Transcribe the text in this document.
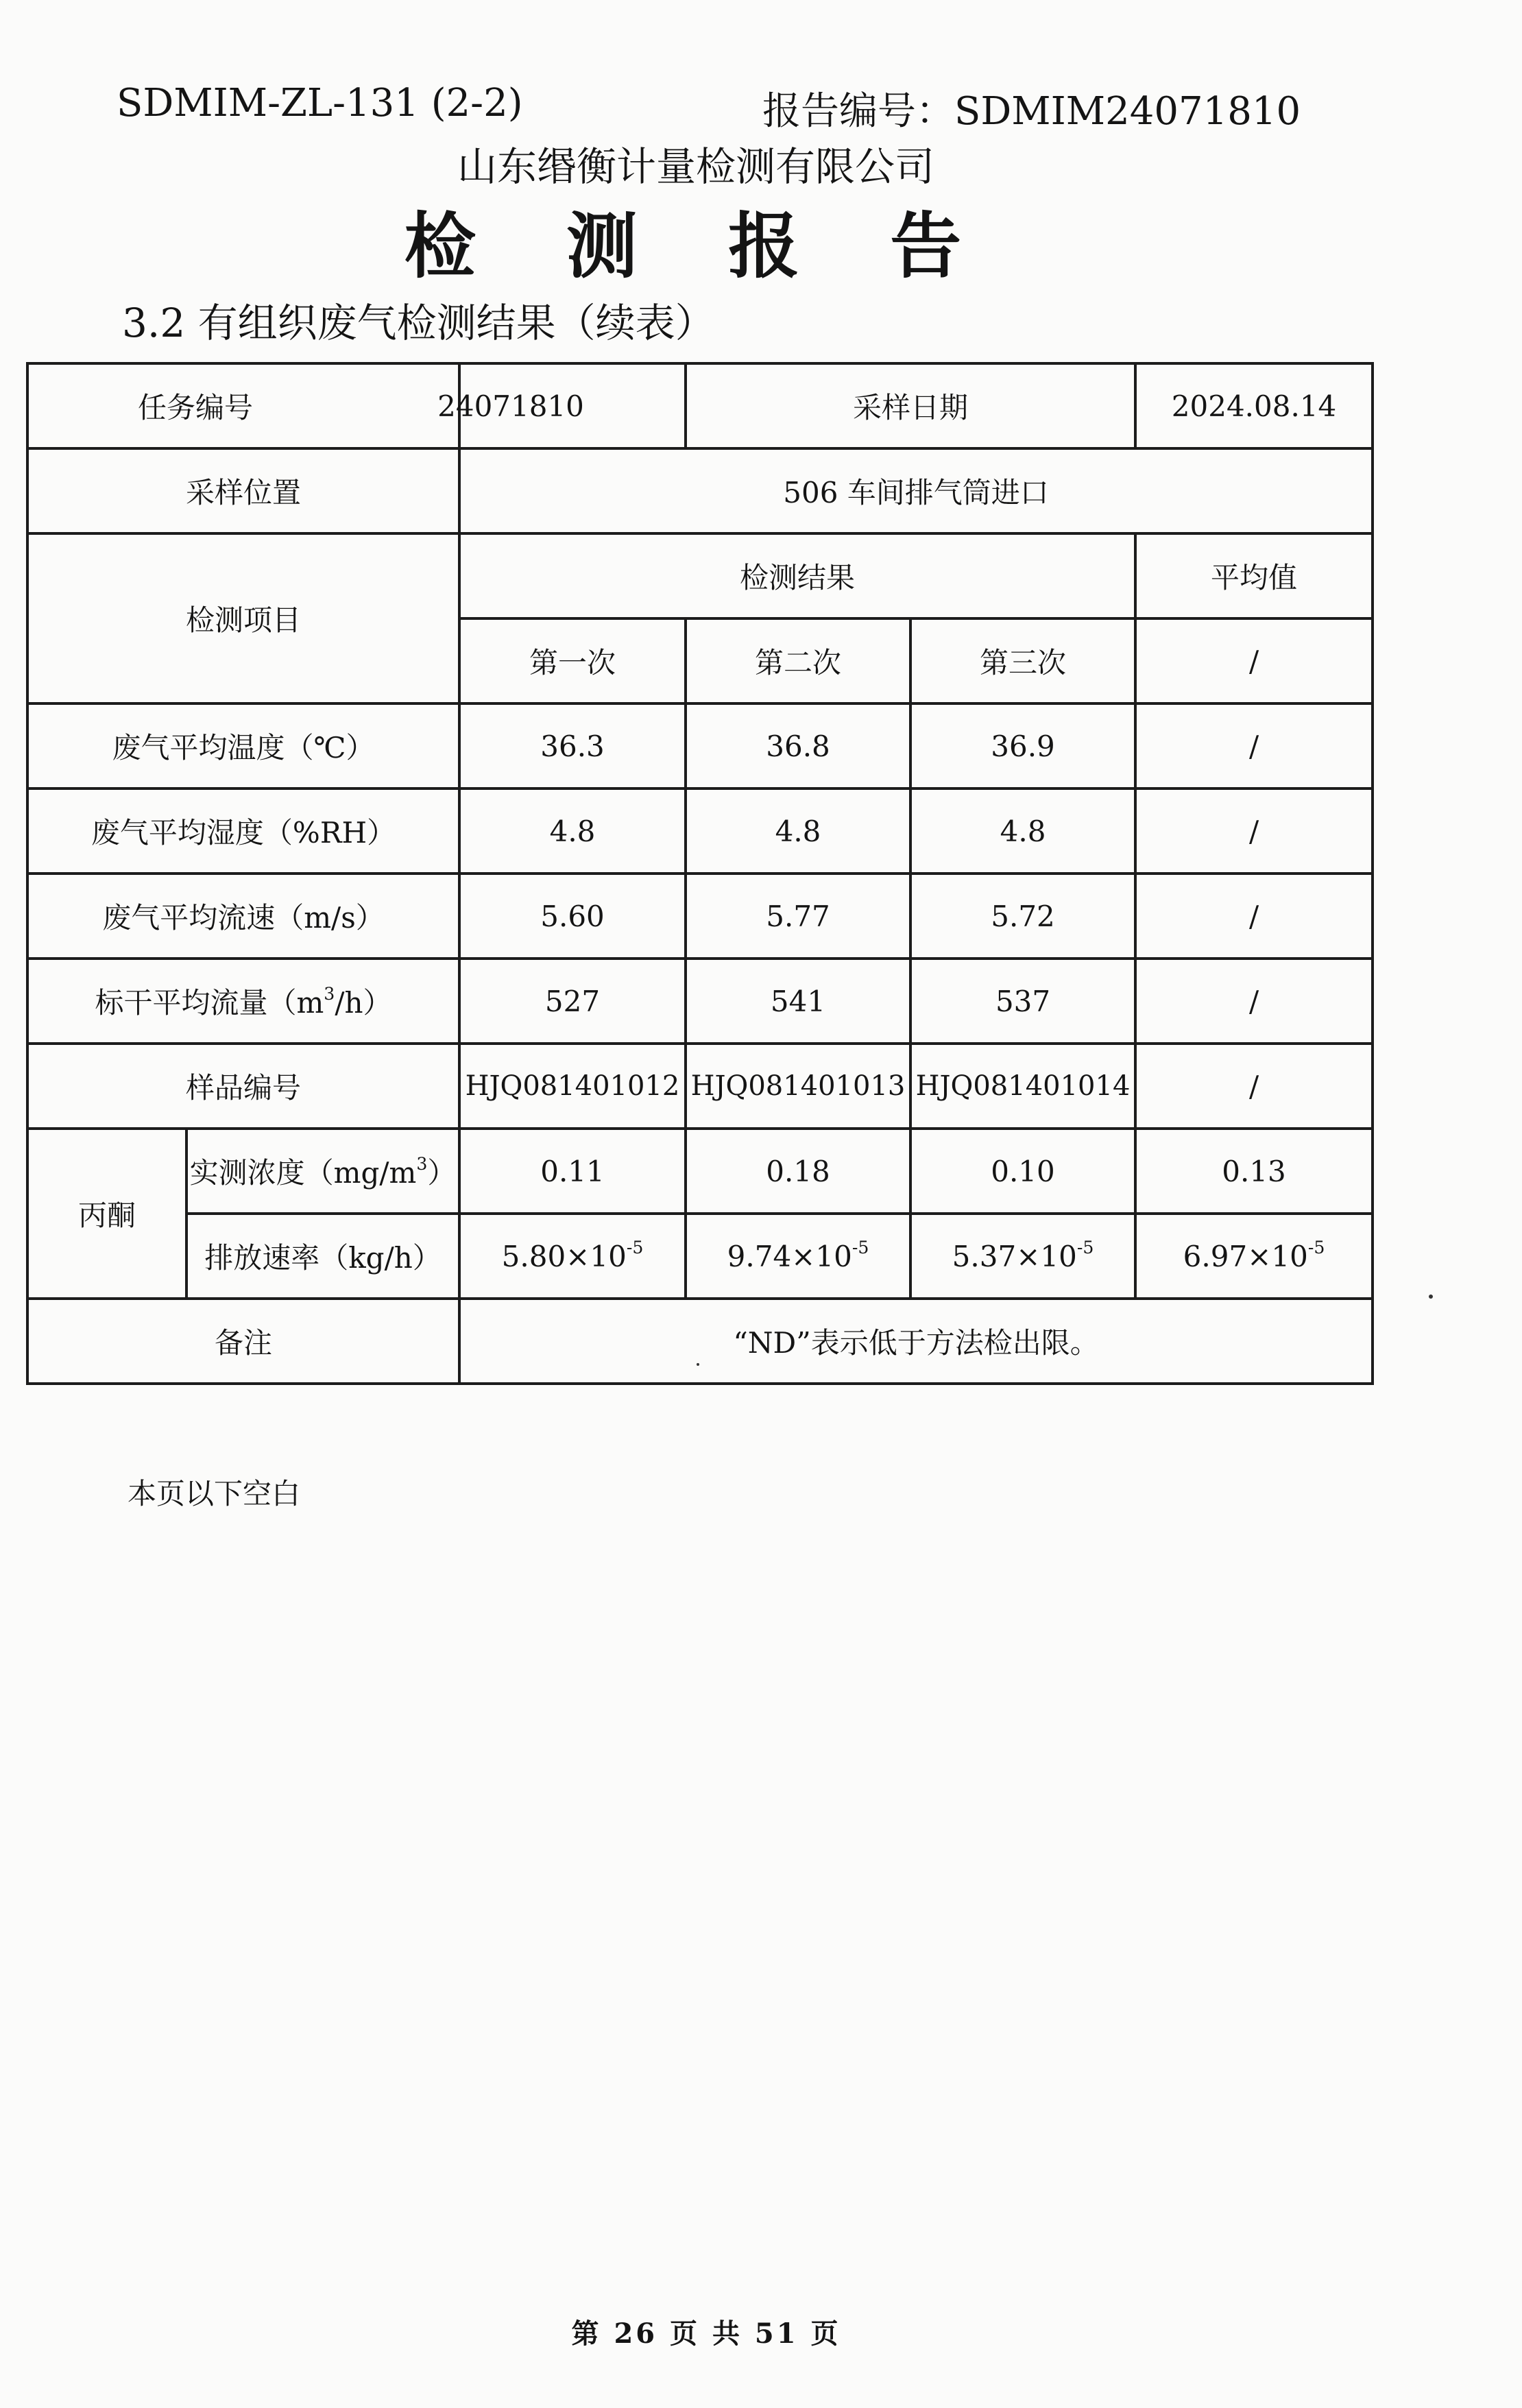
SDMIM-ZL-131 (2-2)	报告编号：SDMIM24071810
山东缗衡计量检测有限公司
检 测 报 告
3.2 有组织废气检测结果（续表）
任务编号		24071810	采样日期		2024.08.14
采样位置		506 车间排气筒进口			
检测项目		检测结果			平均值
		第一次	第二次	第三次	/
废气平均温度（℃）		36.3	36.8	36.9	/
废气平均湿度（%RH）		4.8	4.8	4.8	/
废气平均流速（m/s）		5.60	5.77	5.72	/
标干平均流量$(m^3/h)$		527	541	537	/
样品编号		HJQ081401012	HJQ081401013	HJQ081401014	/
丙酮	实测浓度$(mg/m^3)$	0.11	0.18	0.10	0.13
	排放速率（kg/h）	$5.80\times 10^{-5}$	$9.74\times 10^{-5}$	$5.37\times 10^{-5}$	$6.97\times 10^{-5}$
备注		“ND”表示低于方法检出限。			
本页以下空白
第 26 页 共 51 页
